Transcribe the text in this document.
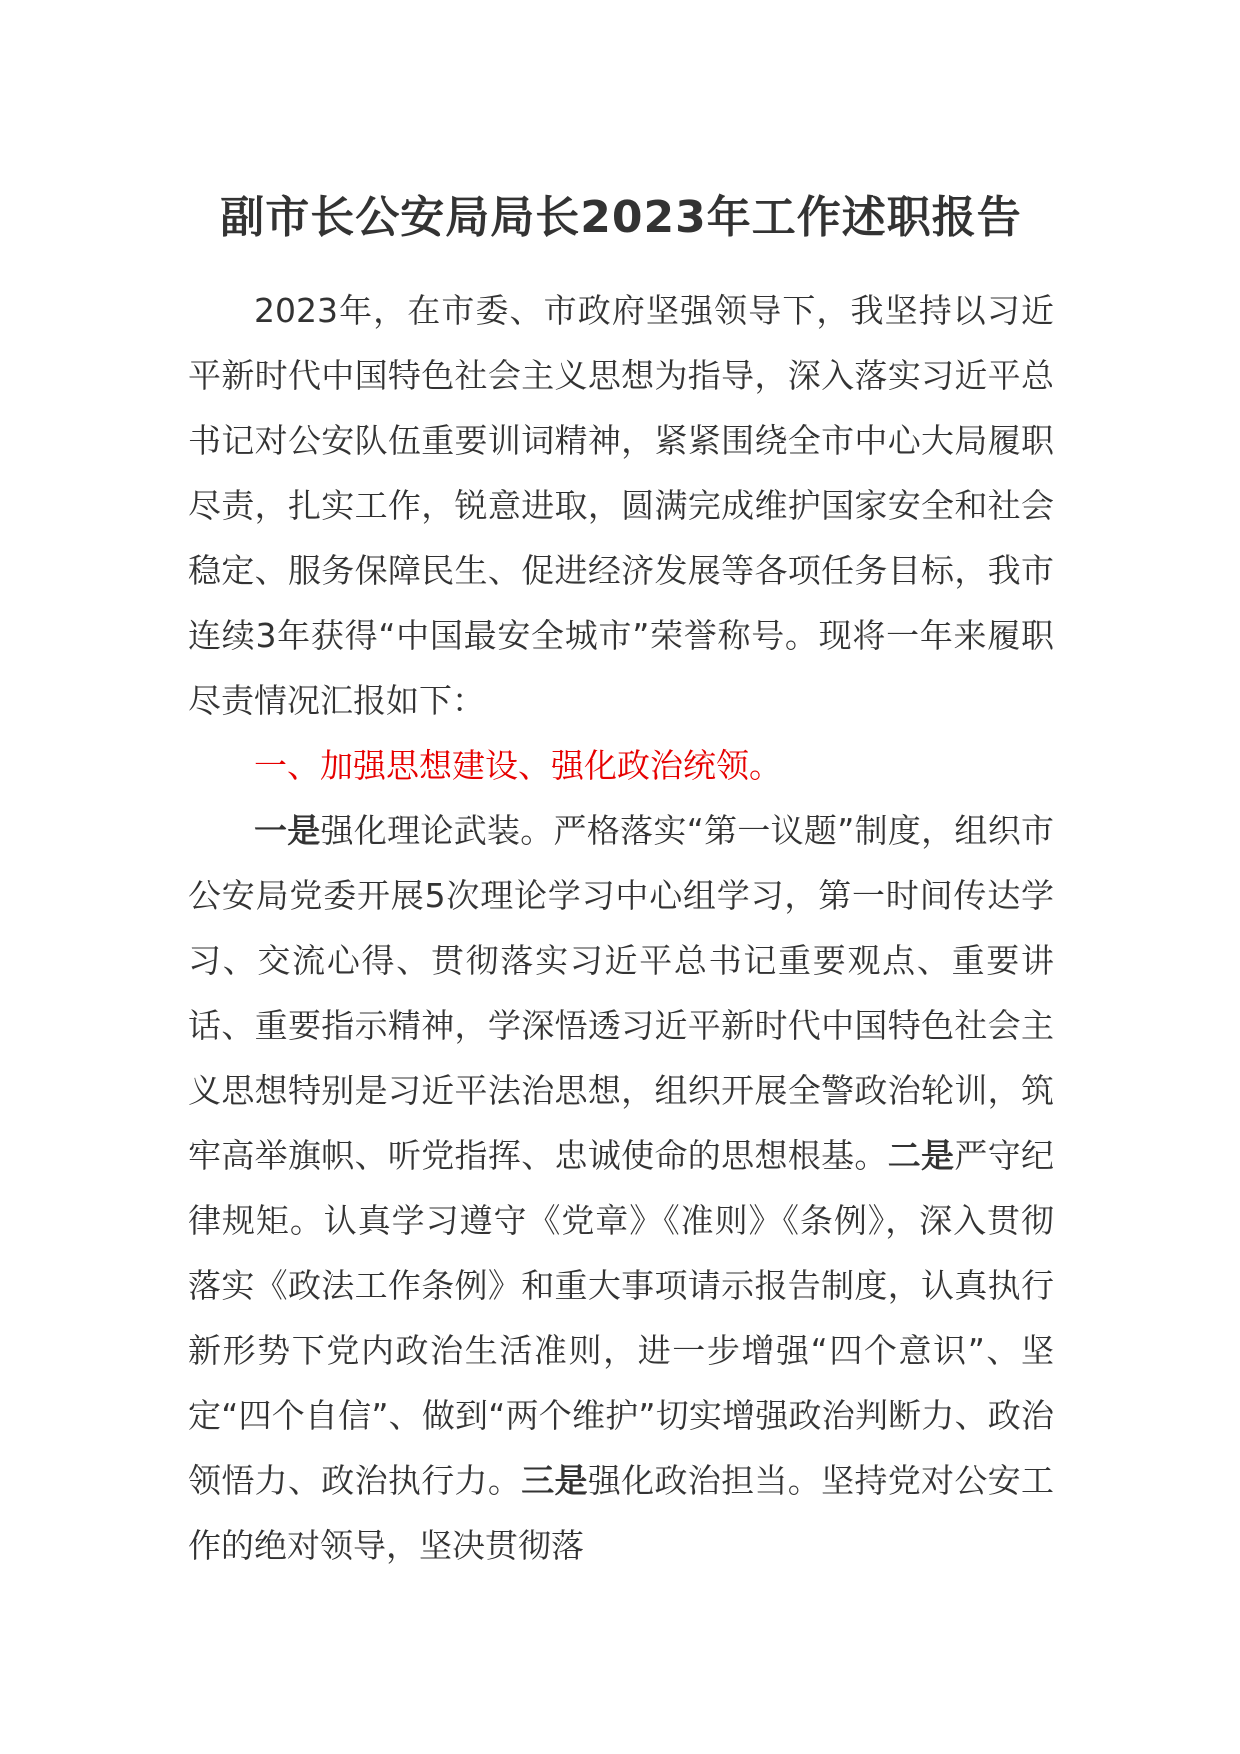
副市长公安局局长2023年工作述职报告

2023年，在市委、市政府坚强领导下，我坚持以习近平新时代中国特色社会主义思想为指导，深入落实习近平总书记对公安队伍重要训词精神，紧紧围绕全市中心大局履职尽责，扎实工作，锐意进取，圆满完成维护国家安全和社会稳定、服务保障民生、促进经济发展等各项任务目标，我市连续3年获得“中国最安全城市”荣誉称号。现将一年来履职尽责情况汇报如下：

一、加强思想建设、强化政治统领。

一是强化理论武装。严格落实“第一议题”制度，组织市公安局党委开展5次理论学习中心组学习，第一时间传达学习、交流心得、贯彻落实习近平总书记重要观点、重要讲话、重要指示精神，学深悟透习近平新时代中国特色社会主义思想特别是习近平法治思想，组织开展全警政治轮训，筑牢高举旗帜、听党指挥、忠诚使命的思想根基。二是严守纪律规矩。认真学习遵守《党章》《准则》《条例》，深入贯彻落实《政法工作条例》和重大事项请示报告制度，认真执行新形势下党内政治生活准则，进一步增强“四个意识”、坚定“四个自信”、做到“两个维护”切实增强政治判断力、政治领悟力、政治执行力。三是强化政治担当。坚持党对公安工作的绝对领导，坚决贯彻落
